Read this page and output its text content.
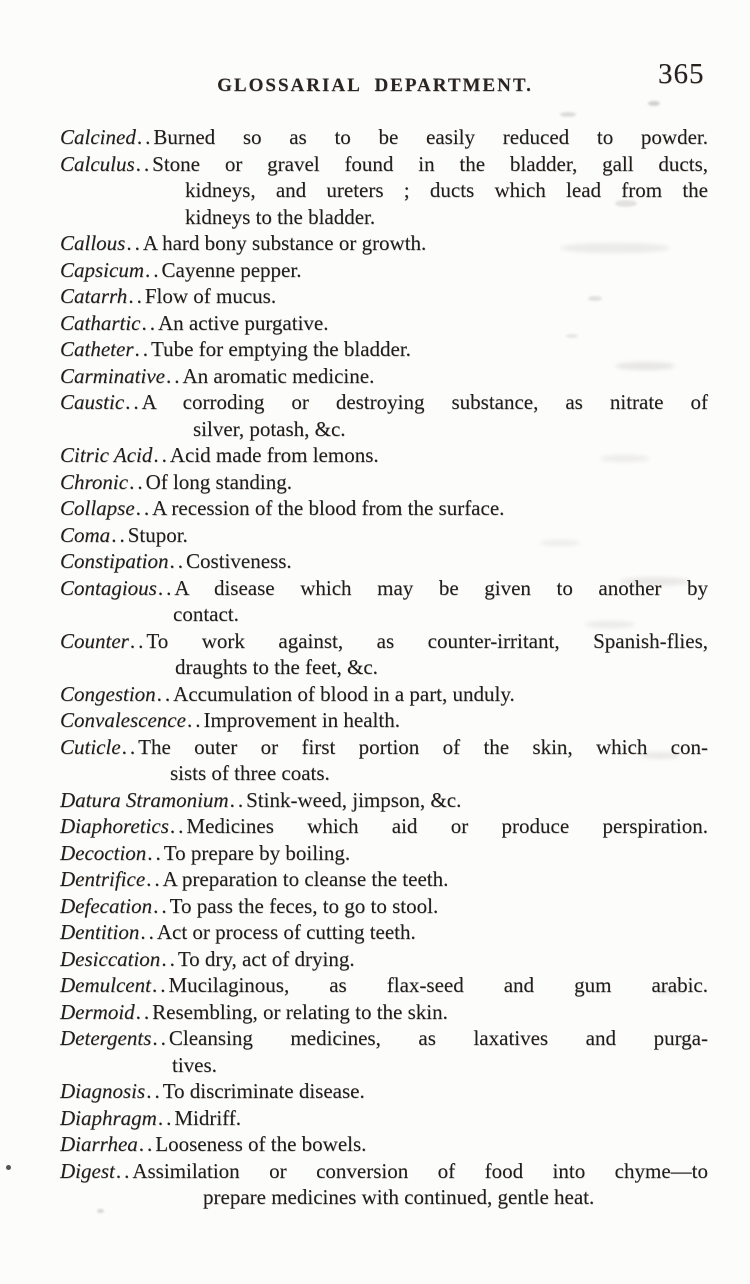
GLOSSARIAL DEPARTMENT.	365
Calcined..Burned so as to be easily reduced to powder.
Calculus..Stone or gravel found in the bladder, gall ducts,
kidneys, and ureters ; ducts which lead from the
kidneys to the bladder.
Callous..A hard bony substance or growth.
Capsicum..Cayenne pepper.
Catarrh..Flow of mucus.
Cathartic..An active purgative.
Catheter..Tube for emptying the bladder.
Carminative..An aromatic medicine.
Caustic..A corroding or destroying substance, as nitrate of
silver, potash, &c.
Citric Acid..Acid made from lemons.
Chronic..Of long standing.
Collapse..A recession of the blood from the surface.
Coma..Stupor.
Constipation..Costiveness.
Contagious..A disease which may be given to another by
contact.
Counter..To work against, as counter-irritant, Spanish-flies,
draughts to the feet, &c.
Congestion..Accumulation of blood in a part, unduly.
Convalescence..Improvement in health.
Cuticle..The outer or first portion of the skin, which con-
sists of three coats.
Datura Stramonium..Stink-weed, jimpson, &c.
Diaphoretics..Medicines which aid or produce perspiration.
Decoction..To prepare by boiling.
Dentrifice..A preparation to cleanse the teeth.
Defecation..To pass the feces, to go to stool.
Dentition..Act or process of cutting teeth.
Desiccation..To dry, act of drying.
Demulcent..Mucilaginous, as flax-seed and gum arabic.
Dermoid..Resembling, or relating to the skin.
Detergents..Cleansing medicines, as laxatives and purga-
tives.
Diagnosis..To discriminate disease.
Diaphragm..Midriff.
Diarrhea..Looseness of the bowels.
Digest..Assimilation or conversion of food into chyme—to
prepare medicines with continued, gentle heat.
